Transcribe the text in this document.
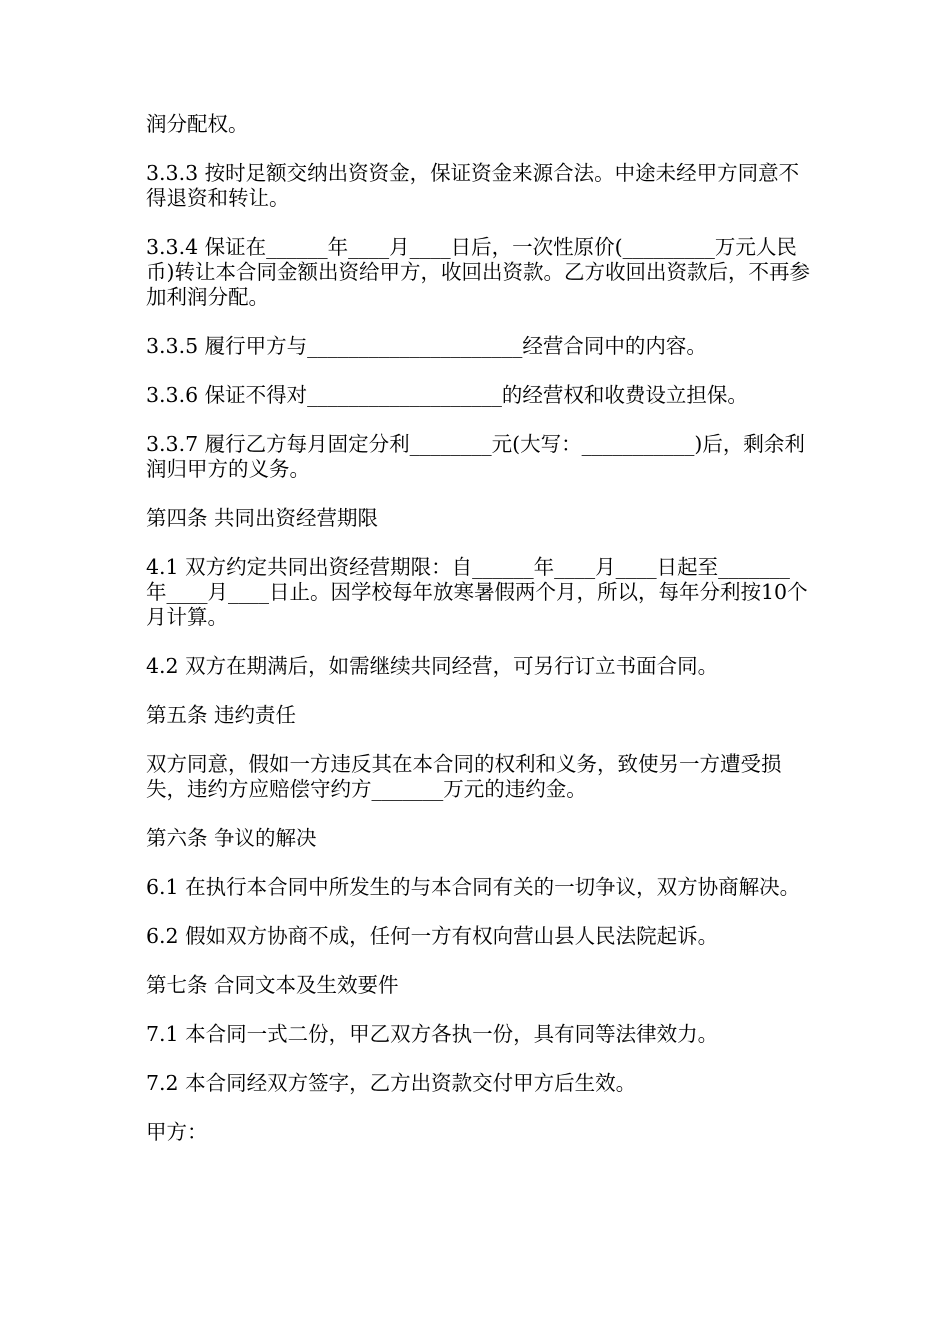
润分配权。

3.3.3 按时足额交纳出资资金，保证资金来源合法。中途未经甲方同意不得退资和转让。

3.3.4 保证在______年____月____日后，一次性原价(_________万元人民币)转让本合同金额出资给甲方，收回出资款。乙方收回出资款后，不再参加利润分配。

3.3.5 履行甲方与_____________________经营合同中的内容。

3.3.6 保证不得对___________________的经营权和收费设立担保。

3.3.7 履行乙方每月固定分利________元(大写：___________)后，剩余利润归甲方的义务。

第四条 共同出资经营期限

4.1 双方约定共同出资经营期限：自______年____月____日起至_______年____月____日止。因学校每年放寒暑假两个月，所以，每年分利按10个月计算。

4.2 双方在期满后，如需继续共同经营，可另行订立书面合同。

第五条 违约责任

双方同意，假如一方违反其在本合同的权利和义务，致使另一方遭受损失，违约方应赔偿守约方_______万元的违约金。

第六条 争议的解决

6.1 在执行本合同中所发生的与本合同有关的一切争议，双方协商解决。

6.2 假如双方协商不成，任何一方有权向营山县人民法院起诉。

第七条 合同文本及生效要件

7.1 本合同一式二份，甲乙双方各执一份，具有同等法律效力。

7.2 本合同经双方签字，乙方出资款交付甲方后生效。

甲方：
